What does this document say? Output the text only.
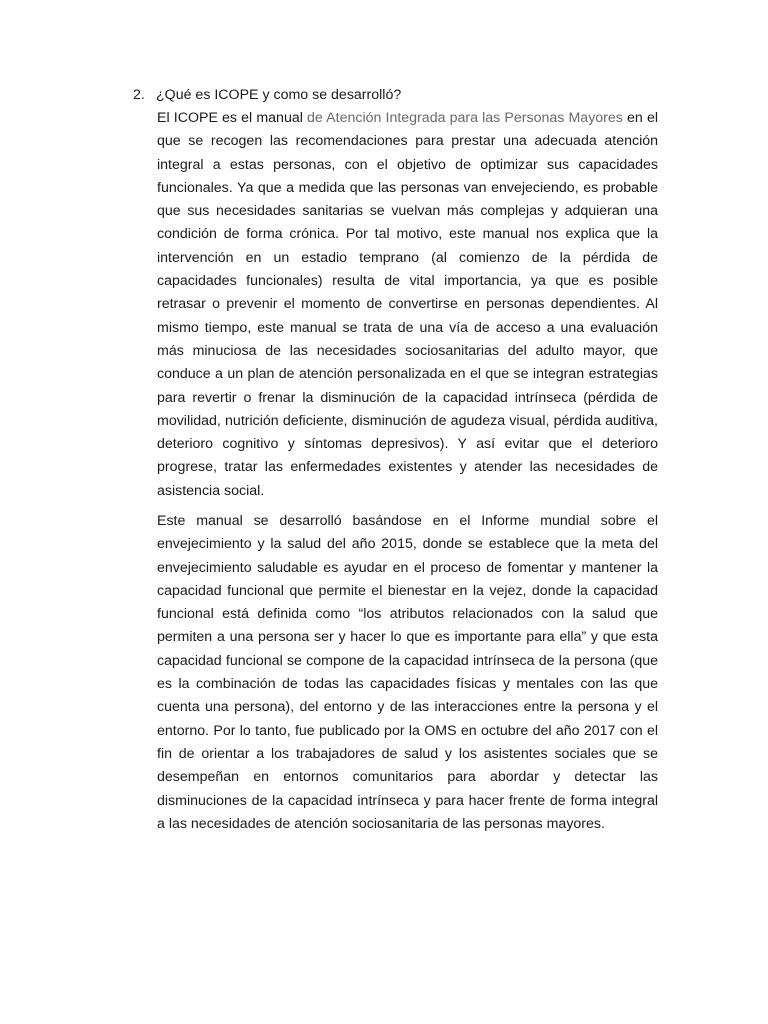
2. ¿Qué es ICOPE y como se desarrolló?

El ICOPE es el manual de Atención Integrada para las Personas Mayores en el que se recogen las recomendaciones para prestar una adecuada atención integral a estas personas, con el objetivo de optimizar sus capacidades funcionales. Ya que a medida que las personas van envejeciendo, es probable que sus necesidades sanitarias se vuelvan más complejas y adquieran una condición de forma crónica. Por tal motivo, este manual nos explica que la intervención en un estadio temprano (al comienzo de la pérdida de capacidades funcionales) resulta de vital importancia, ya que es posible retrasar o prevenir el momento de convertirse en personas dependientes. Al mismo tiempo, este manual se trata de una vía de acceso a una evaluación más minuciosa de las necesidades sociosanitarias del adulto mayor, que conduce a un plan de atención personalizada en el que se integran estrategias para revertir o frenar la disminución de la capacidad intrínseca (pérdida de movilidad, nutrición deficiente, disminución de agudeza visual, pérdida auditiva, deterioro cognitivo y síntomas depresivos). Y así evitar que el deterioro progrese, tratar las enfermedades existentes y atender las necesidades de asistencia social.

Este manual se desarrolló basándose en el Informe mundial sobre el envejecimiento y la salud del año 2015, donde se establece que la meta del envejecimiento saludable es ayudar en el proceso de fomentar y mantener la capacidad funcional que permite el bienestar en la vejez, donde la capacidad funcional está definida como “los atributos relacionados con la salud que permiten a una persona ser y hacer lo que es importante para ella” y que esta capacidad funcional se compone de la capacidad intrínseca de la persona (que es la combinación de todas las capacidades físicas y mentales con las que cuenta una persona), del entorno y de las interacciones entre la persona y el entorno. Por lo tanto, fue publicado por la OMS en octubre del año 2017 con el fin de orientar a los trabajadores de salud y los asistentes sociales que se desempeñan en entornos comunitarios para abordar y detectar las disminuciones de la capacidad intrínseca y para hacer frente de forma integral a las necesidades de atención sociosanitaria de las personas mayores.
